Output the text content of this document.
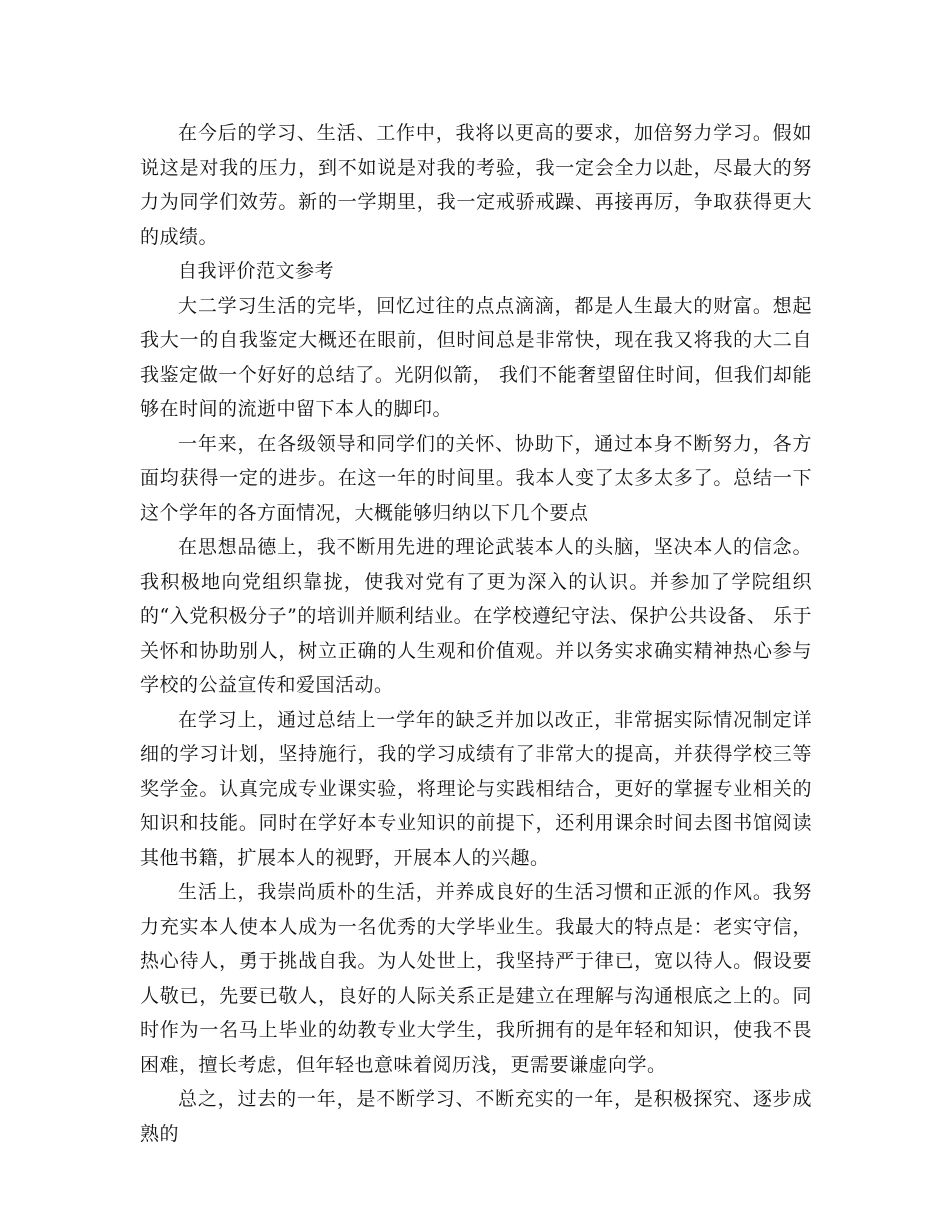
在今后的学习、生活、工作中，我将以更高的要求，加倍努力学习。假如说这是对我的压力，到不如说是对我的考验，我一定会全力以赴，尽最大的努力为同学们效劳。新的一学期里，我一定戒骄戒躁、再接再厉，争取获得更大的成绩。

自我评价范文参考

大二学习生活的完毕，回忆过往的点点滴滴，都是人生最大的财富。想起我大一的自我鉴定大概还在眼前，但时间总是非常快，现在我又将我的大二自我鉴定做一个好好的总结了。光阴似箭， 我们不能奢望留住时间，但我们却能够在时间的流逝中留下本人的脚印。

一年来，在各级领导和同学们的关怀、协助下，通过本身不断努力，各方面均获得一定的进步。在这一年的时间里。我本人变了太多太多了。总结一下这个学年的各方面情况，大概能够归纳以下几个要点

在思想品德上，我不断用先进的理论武装本人的头脑，坚决本人的信念。我积极地向党组织靠拢，使我对党有了更为深入的认识。并参加了学院组织的“入党积极分子”的培训并顺利结业。在学校遵纪守法、保护公共设备、 乐于关怀和协助别人，树立正确的人生观和价值观。并以务实求确实精神热心参与学校的公益宣传和爱国活动。

在学习上，通过总结上一学年的缺乏并加以改正，非常据实际情况制定详细的学习计划，坚持施行，我的学习成绩有了非常大的提高，并获得学校三等奖学金。认真完成专业课实验，将理论与实践相结合，更好的掌握专业相关的知识和技能。同时在学好本专业知识的前提下，还利用课余时间去图书馆阅读其他书籍，扩展本人的视野，开展本人的兴趣。

生活上，我崇尚质朴的生活，并养成良好的生活习惯和正派的作风。我努力充实本人使本人成为一名优秀的大学毕业生。我最大的特点是：老实守信，热心待人，勇于挑战自我。为人处世上，我坚持严于律已，宽以待人。假设要人敬已，先要已敬人，良好的人际关系正是建立在理解与沟通根底之上的。同时作为一名马上毕业的幼教专业大学生，我所拥有的是年轻和知识，使我不畏困难，擅长考虑，但年轻也意味着阅历浅，更需要谦虚向学。

总之，过去的一年，是不断学习、不断充实的一年，是积极探究、逐步成熟的
